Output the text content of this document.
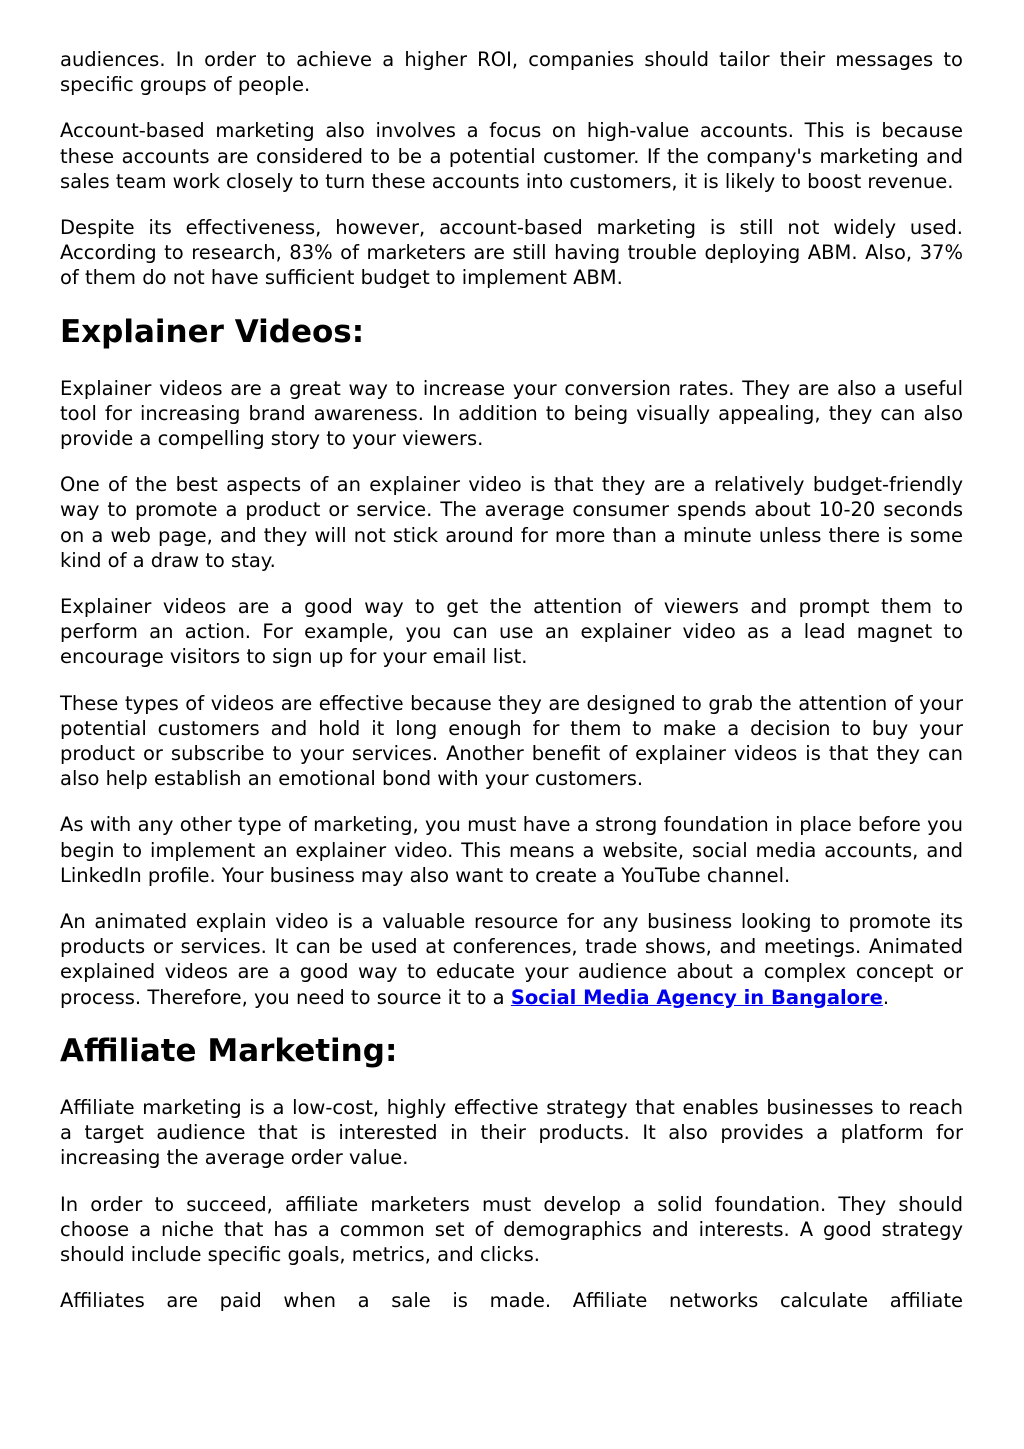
audiences. In order to achieve a higher ROI, companies should tailor their messages to specific groups of people.

Account-based marketing also involves a focus on high-value accounts. This is because these accounts are considered to be a potential customer. If the company's marketing and sales team work closely to turn these accounts into customers, it is likely to boost revenue.

Despite its effectiveness, however, account-based marketing is still not widely used. According to research, 83% of marketers are still having trouble deploying ABM. Also, 37% of them do not have sufficient budget to implement ABM.

Explainer Videos:

Explainer videos are a great way to increase your conversion rates. They are also a useful tool for increasing brand awareness. In addition to being visually appealing, they can also provide a compelling story to your viewers.

One of the best aspects of an explainer video is that they are a relatively budget-friendly way to promote a product or service. The average consumer spends about 10-20 seconds on a web page, and they will not stick around for more than a minute unless there is some kind of a draw to stay.

Explainer videos are a good way to get the attention of viewers and prompt them to perform an action. For example, you can use an explainer video as a lead magnet to encourage visitors to sign up for your email list.

These types of videos are effective because they are designed to grab the attention of your potential customers and hold it long enough for them to make a decision to buy your product or subscribe to your services. Another benefit of explainer videos is that they can also help establish an emotional bond with your customers.

As with any other type of marketing, you must have a strong foundation in place before you begin to implement an explainer video. This means a website, social media accounts, and LinkedIn profile. Your business may also want to create a YouTube channel.

An animated explain video is a valuable resource for any business looking to promote its products or services. It can be used at conferences, trade shows, and meetings. Animated explained videos are a good way to educate your audience about a complex concept or process. Therefore, you need to source it to a Social Media Agency in Bangalore.

Affiliate Marketing:

Affiliate marketing is a low-cost, highly effective strategy that enables businesses to reach a target audience that is interested in their products. It also provides a platform for increasing the average order value.

In order to succeed, affiliate marketers must develop a solid foundation. They should choose a niche that has a common set of demographics and interests. A good strategy should include specific goals, metrics, and clicks.

Affiliates are paid when a sale is made. Affiliate networks calculate affiliate
